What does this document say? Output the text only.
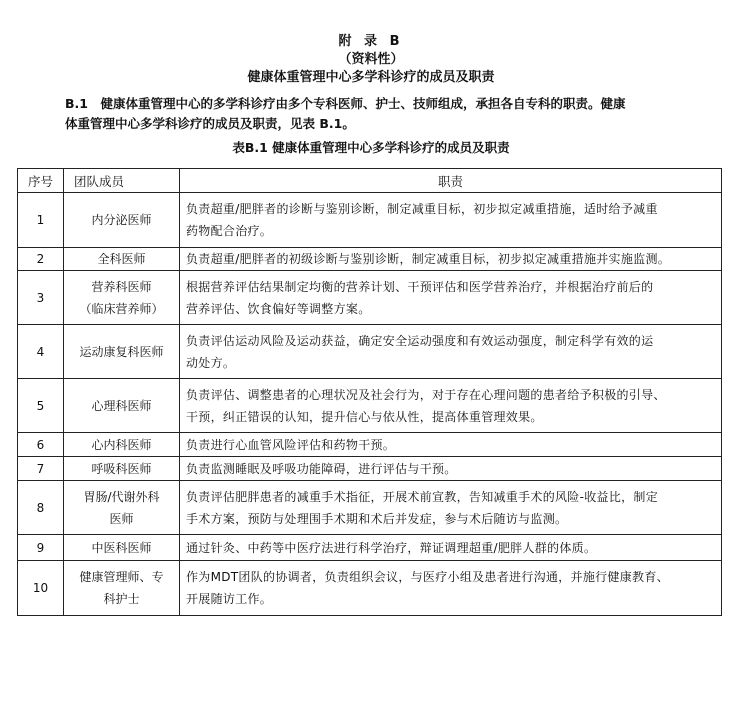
附 录 B
（资料性）
健康体重管理中心多学科诊疗的成员及职责
B.1　健康体重管理中心的多学科诊疗由多个专科医师、护士、技师组成，承担各自专科的职责。健康
体重管理中心多学科诊疗的成员及职责，见表 B.1。
表B.1 健康体重管理中心多学科诊疗的成员及职责
序号	团队成员	职责
1	内分泌医师	负责超重/肥胖者的诊断与鉴别诊断，制定减重目标，初步拟定减重措施，适时给予减重
药物配合治疗。

2	全科医师	负责超重/肥胖者的初级诊断与鉴别诊断，制定减重目标，初步拟定减重措施并实施监测。

3	营养科医师
（临床营养师）	根据营养评估结果制定均衡的营养计划、干预评估和医学营养治疗，并根据治疗前后的
营养评估、饮食偏好等调整方案。

4	运动康复科医师	负责评估运动风险及运动获益，确定安全运动强度和有效运动强度，制定科学有效的运
动处方。

5	心理科医师	负责评估、调整患者的心理状况及社会行为，对于存在心理问题的患者给予积极的引导、
干预，纠正错误的认知，提升信心与依从性，提高体重管理效果。

6	心内科医师	负责进行心血管风险评估和药物干预。

7	呼吸科医师	负责监测睡眠及呼吸功能障碍，进行评估与干预。

8	胃肠/代谢外科
医师	负责评估肥胖患者的减重手术指征，开展术前宣教，告知减重手术的风险-收益比，制定
手术方案，预防与处理围手术期和术后并发症，参与术后随访与监测。

9	中医科医师	通过针灸、中药等中医疗法进行科学治疗，辩证调理超重/肥胖人群的体质。

10	健康管理师、专
科护士	作为MDT团队的协调者，负责组织会议，与医疗小组及患者进行沟通，并施行健康教育、
开展随访工作。
